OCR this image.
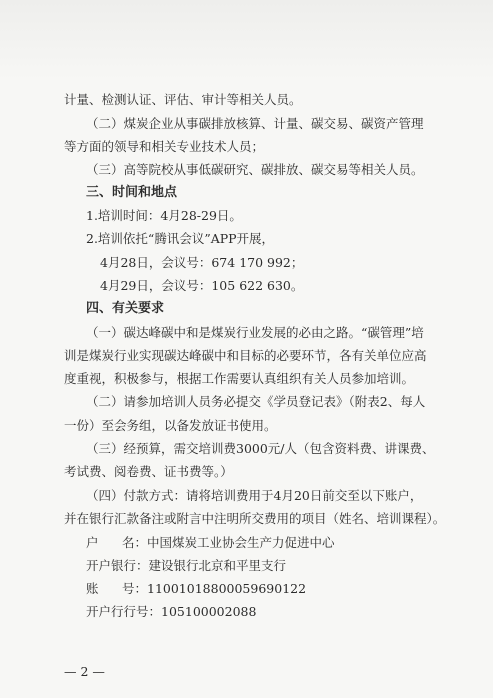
计量、检测认证、评估、审计等相关人员。
（二）煤炭企业从事碳排放核算、计量、碳交易、碳资产管理
等方面的领导和相关专业技术人员；
（三）高等院校从事低碳研究、碳排放、碳交易等相关人员。
三、时间和地点
1.培训时间：4月28-29日。
2.培训依托“腾讯会议”APP开展，
4月28日，会议号：674 170 992；
4月29日，会议号：105 622 630。
四、有关要求
（一）碳达峰碳中和是煤炭行业发展的必由之路。“碳管理”培
训是煤炭行业实现碳达峰碳中和目标的必要环节，各有关单位应高
度重视，积极参与，根据工作需要认真组织有关人员参加培训。
（二）请参加培训人员务必提交《学员登记表》（附表2、每人
一份）至会务组，以备发放证书使用。
（三）经预算，需交培训费3000元/人（包含资料费、讲课费、
考试费、阅卷费、证书费等。）
（四）付款方式：请将培训费用于4月20日前交至以下账户，
并在银行汇款备注或附言中注明所交费用的项目（姓名、培训课程）。
户 名：中国煤炭工业协会生产力促进中心
开户银行：建设银行北京和平里支行
账 号：11001018800059690122
开户行行号：105100002088
— 2 —
